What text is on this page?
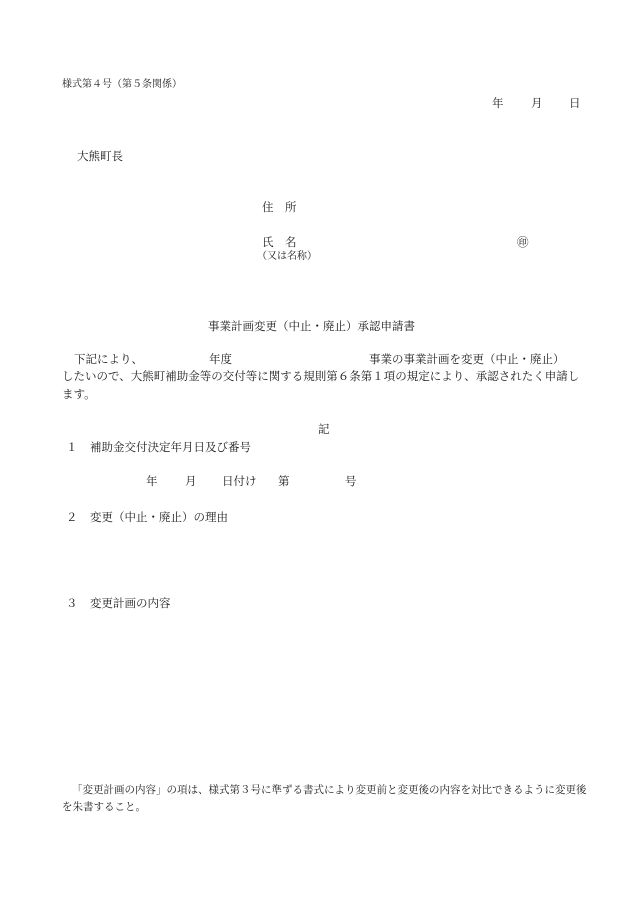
様式第４号（第５条関係）
年 月 日
大熊町長
住　所
氏　名	㊞
（又は名称）
事業計画変更（中止・廃止）承認申請書
下記により、	年度	事業の事業計画を変更（中止・廃止）
したいので、大熊町補助金等の交付等に関する規則第６条第１項の規定により、承認されたく申請します。
記
１ 補助金交付決定年月日及び番号
年 月 日付け 第	号
２ 変更（中止・廃止）の理由
３ 変更計画の内容
「変更計画の内容」の項は、様式第３号に準ずる書式により変更前と変更後の内容を対比できるように変更後を朱書すること。
